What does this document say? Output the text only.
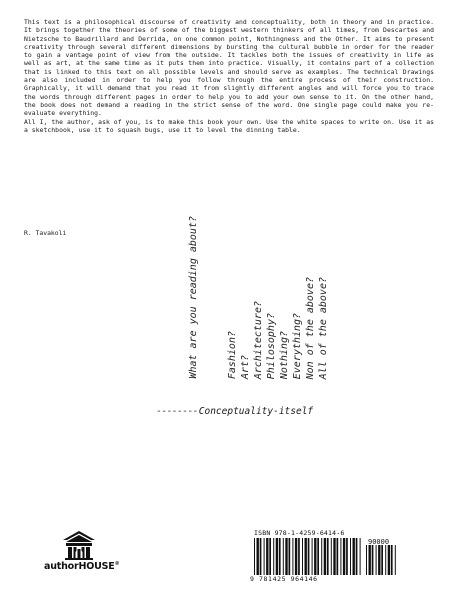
This text is a philosophical discourse of creativity and conceptuality, both in theory and in practice. It brings together the theories of some of the biggest western thinkers of all times, from Descartes and Nietzsche to Baudrillard and Derrida, on one common point, Nothingness and the Other. It aims to present creativity through several different dimensions by bursting the cultural bubble in order for the reader to gain a vantage point of view from the outside. It tackles both the issues of creativity in life as well as art, at the same time as it puts them into practice. Visually, it contains part of a collection that is linked to this text on all possible levels and should serve as examples. The technical Drawings are also included in order to help you follow through the entire process of their construction. Graphically, it will demand that you read it from slightly different angles and will force you to trace the words through different pages in order to help you to add your own sense to it. On the other hand, the book does not demand a reading in the strict sense of the word. One single page could make you re-evaluate everything.

All I, the author, ask of you, is to make this book your own. Use the white spaces to write on. Use it as a sketchbook, use it to squash bugs, use it to level the dinning table.

R. Tavakoli	What are you reading about?	Fashion? Art? Architecture? Philosophy? Nothing? Everything? Non of the above? All of the above?
-------- Conceptuality-itself
authorHOUSE®
ISBN 978-1-4259-6414-6
90000
9 781425 964146
